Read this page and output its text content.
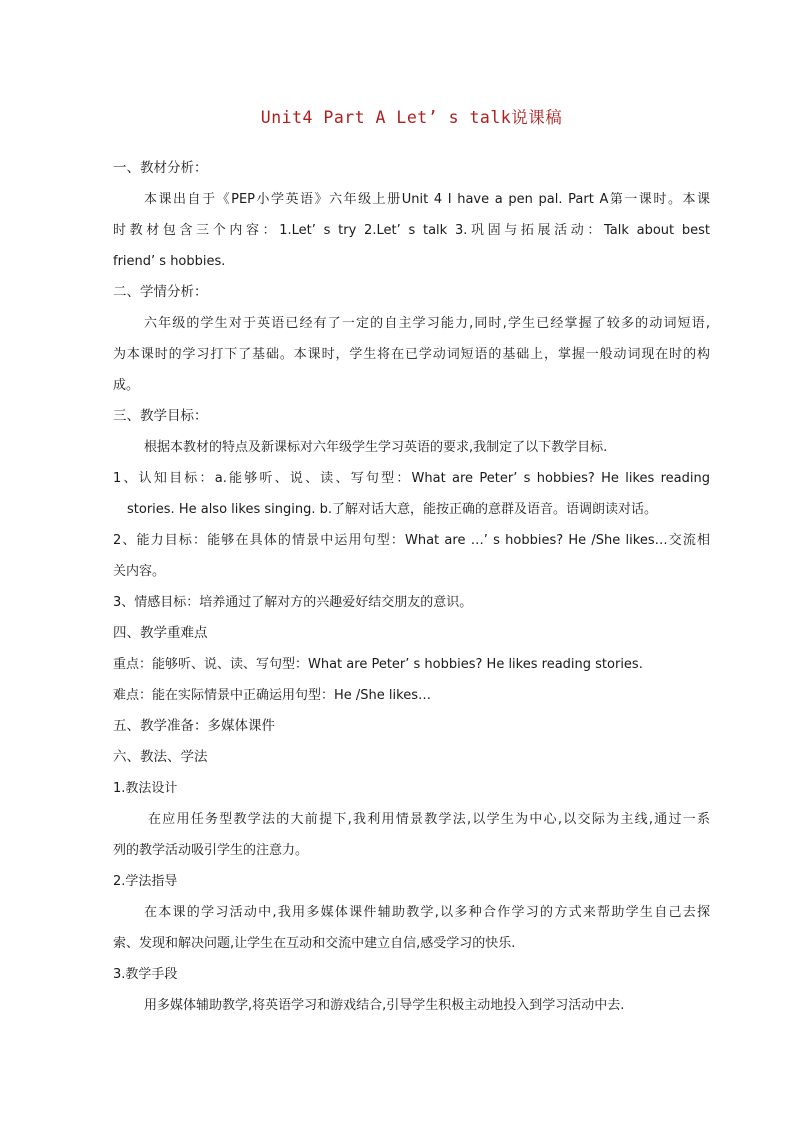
Unit4 Part A Let’ s talk说课稿
一、教材分析：
本课出自于《PEP小学英语》六年级上册Unit 4 I have a pen pal. Part A第一课时。本课
时教材包含三个内容：1.Let’ s try 2.Let’ s talk 3.巩固与拓展活动：Talk about best
friend’ s hobbies.
二、学情分析：
六年级的学生对于英语已经有了一定的自主学习能力,同时,学生已经掌握了较多的动词短语,
为本课时的学习打下了基础。本课时，学生将在已学动词短语的基础上，掌握一般动词现在时的构
成。
三、教学目标：
根据本教材的特点及新课标对六年级学生学习英语的要求,我制定了以下教学目标.
1、认知目标：a.能够听、说、读、写句型：What are Peter’ s hobbies? He likes reading
stories. He also likes singing. b.了解对话大意，能按正确的意群及语音。语调朗读对话。
2、能力目标：能够在具体的情景中运用句型：What are …’ s hobbies? He /She likes…交流相
关内容。
3、情感目标：培养通过了解对方的兴趣爱好结交朋友的意识。
四、教学重难点
重点：能够听、说、读、写句型：What are Peter’ s hobbies? He likes reading stories.
难点：能在实际情景中正确运用句型：He /She likes…
五、教学准备：多媒体课件
六、教法、学法
1.教法设计
在应用任务型教学法的大前提下,我利用情景教学法,以学生为中心,以交际为主线,通过一系
列的教学活动吸引学生的注意力。
2.学法指导
在本课的学习活动中,我用多媒体课件辅助教学,以多种合作学习的方式来帮助学生自己去探
索、发现和解决问题,让学生在互动和交流中建立自信,感受学习的快乐.
3.教学手段
用多媒体辅助教学,将英语学习和游戏结合,引导学生积极主动地投入到学习活动中去.
